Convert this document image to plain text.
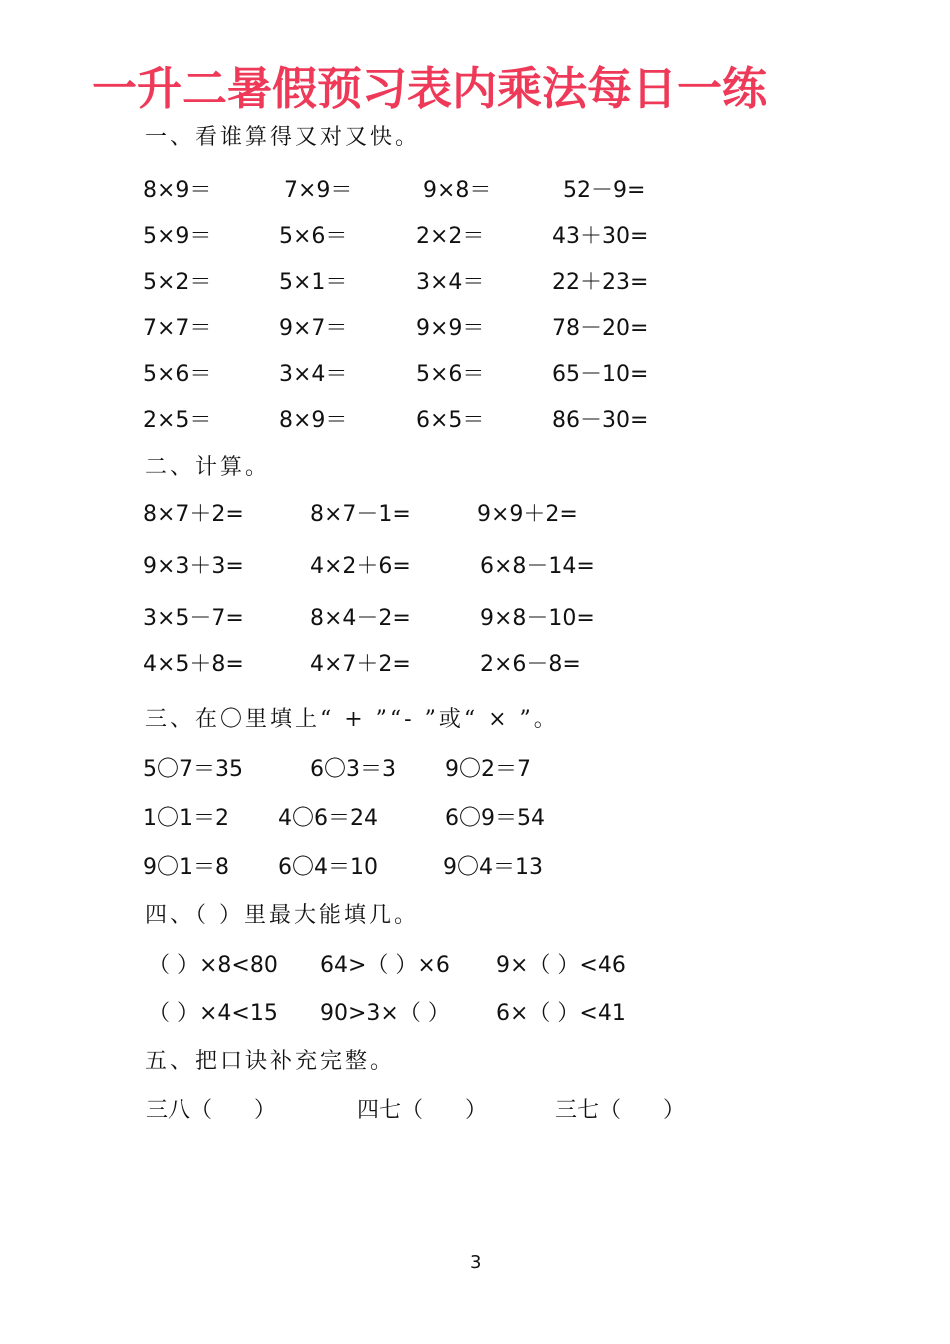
一升二暑假预习表内乘法每日一练
一、看谁算得又对又快。
8×9＝	7×9＝	9×8＝	52－9=
5×9＝	5×6＝	2×2＝	43＋30=
5×2＝	5×1＝	3×4＝	22＋23=
7×7＝	9×7＝	9×9＝	78－20=
5×6＝	3×4＝	5×6＝	65－10=
2×5＝	8×9＝	6×5＝	86－30=
二、计算。
8×7＋2=	8×7－1=	9×9＋2=
9×3＋3=	4×2＋6=	6×8－14=
3×5－7=	8×4－2=	9×8－10=
4×5＋8=	4×7＋2=	2×6－8=
三、在〇里填上“ + ”“- ”或“ × ”。
5〇7＝35	6〇3＝3 9〇2＝7
1〇1＝2 4〇6＝24	6〇9＝54
9〇1＝8 6〇4＝10	9〇4＝13
四、（ ）里最大能填几。
（ ）×8<80 64>（ ）×6 9×（ ）<46
（ ）×4<15 90>3×（ ） 6×（ ）<41
五、把口诀补充完整。
三八（      ）	四七（      ）	三七（      ）
3
